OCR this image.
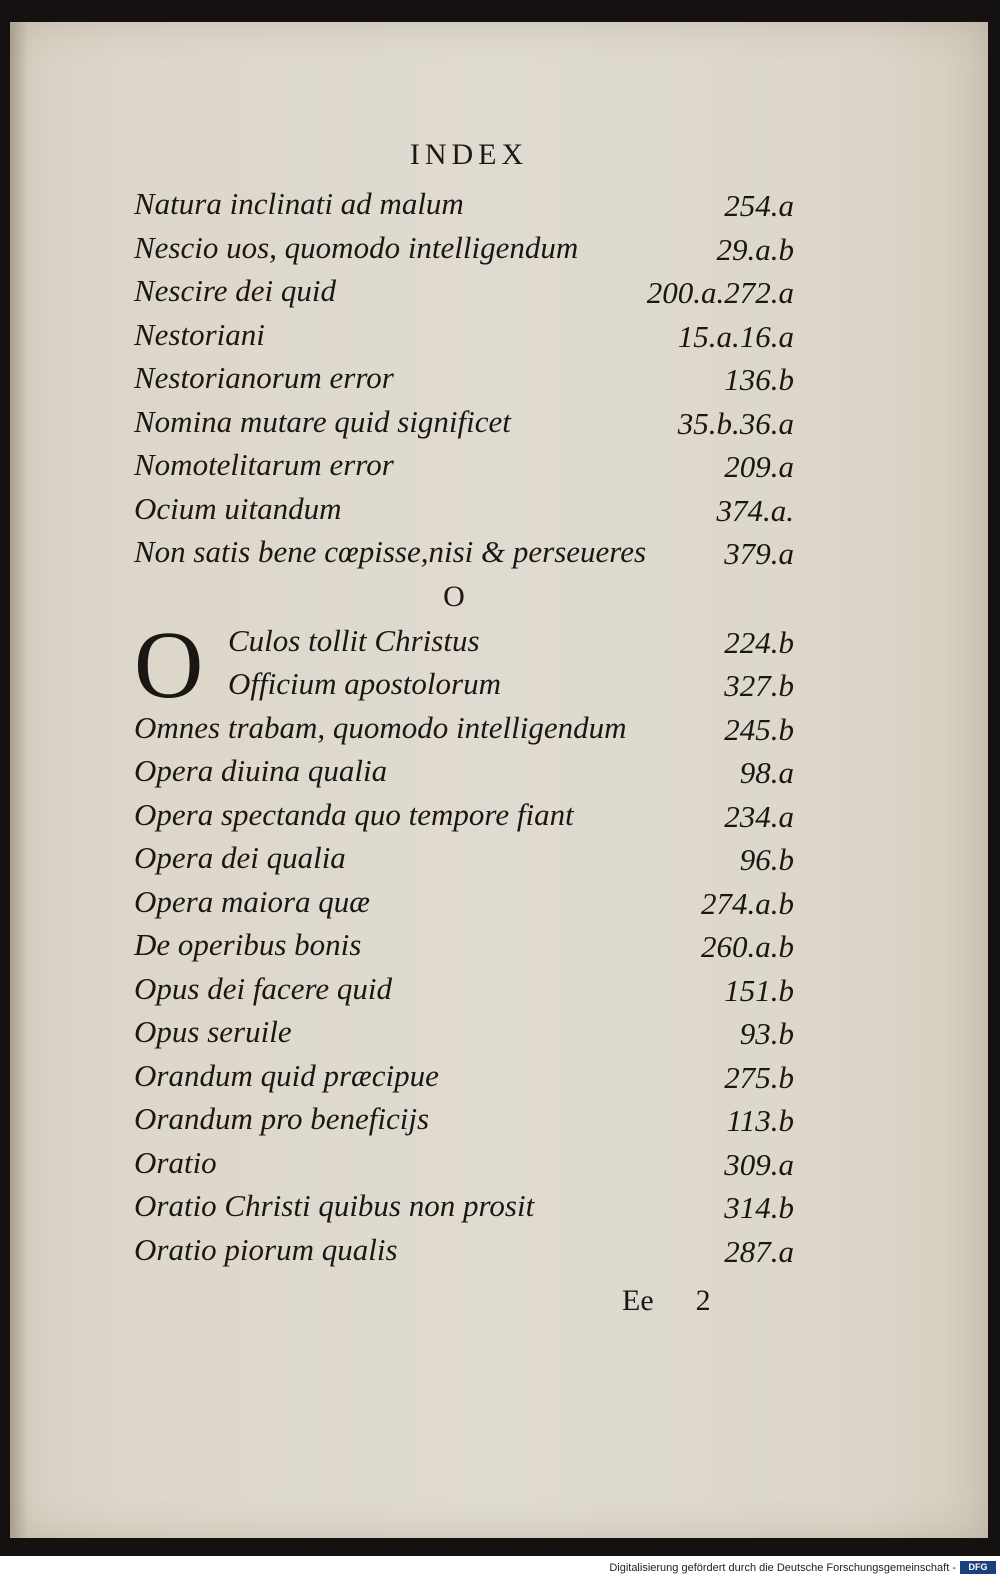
INDEX
Natura inclinati ad malum	254.a
Nescio uos, quomodo intelligendum	29.a.b
Nescire dei quid	200.a.272.a
Nestoriani	15.a.16.a
Nestorianorum error	136.b
Nomina mutare quid significet	35.b.36.a
Nomotelitarum error	209.a
Ocium uitandum	374.a.
Non satis bene cœpisse,nisi & perseueres	379.a
O
O Culos tollit Christus	224.b
Officium apostolorum	327.b
Omnes trabam, quomodo intelligendum	245.b
Opera diuina qualia	98.a
Opera spectanda quo tempore fiant	234.a
Opera dei qualia	96.b
Opera maiora quæ	274.a.b
De operibus bonis	260.a.b
Opus dei facere quid	151.b
Opus seruile	93.b
Orandum quid præcipue	275.b
Orandum pro beneficijs	113.b
Oratio	309.a
Oratio Christi quibus non prosit	314.b
Oratio piorum qualis	287.a
Ee 2
Digitalisierung gefördert durch die Deutsche Forschungsgemeinschaft -	DFG
